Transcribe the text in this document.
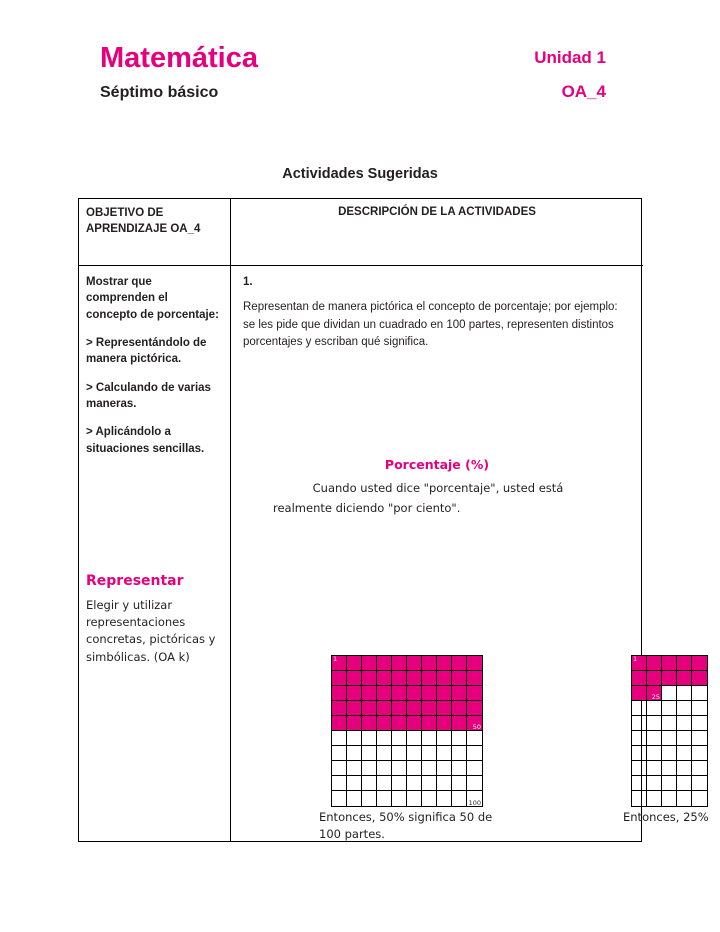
Matemática
Séptimo básico
Unidad 1
OA_4
Actividades Sugeridas
OBJETIVO DE APRENDIZAJE OA_4
DESCRIPCIÓN DE LA ACTIVIDADES

Mostrar que comprenden el concepto de porcentaje:

> Representándolo de manera pictórica.

> Calculando de varias maneras.

> Aplicándolo a situaciones sencillas.

Representar
Elegir y utilizar representaciones concretas, pictóricas y simbólicas. (OA k)
1.

Representan de manera pictórica el concepto de porcentaje; por ejemplo: se les pide que dividan un cuadrado en 100 partes, representen distintos porcentajes y escriban qué significa.

Porcentaje (%)
Cuando usted dice "porcentaje", usted está
realmente diciendo "por ciento".
1
50
100
1
25
Entonces, 50% significa 50 de 100 partes.
Entonces, 25%
